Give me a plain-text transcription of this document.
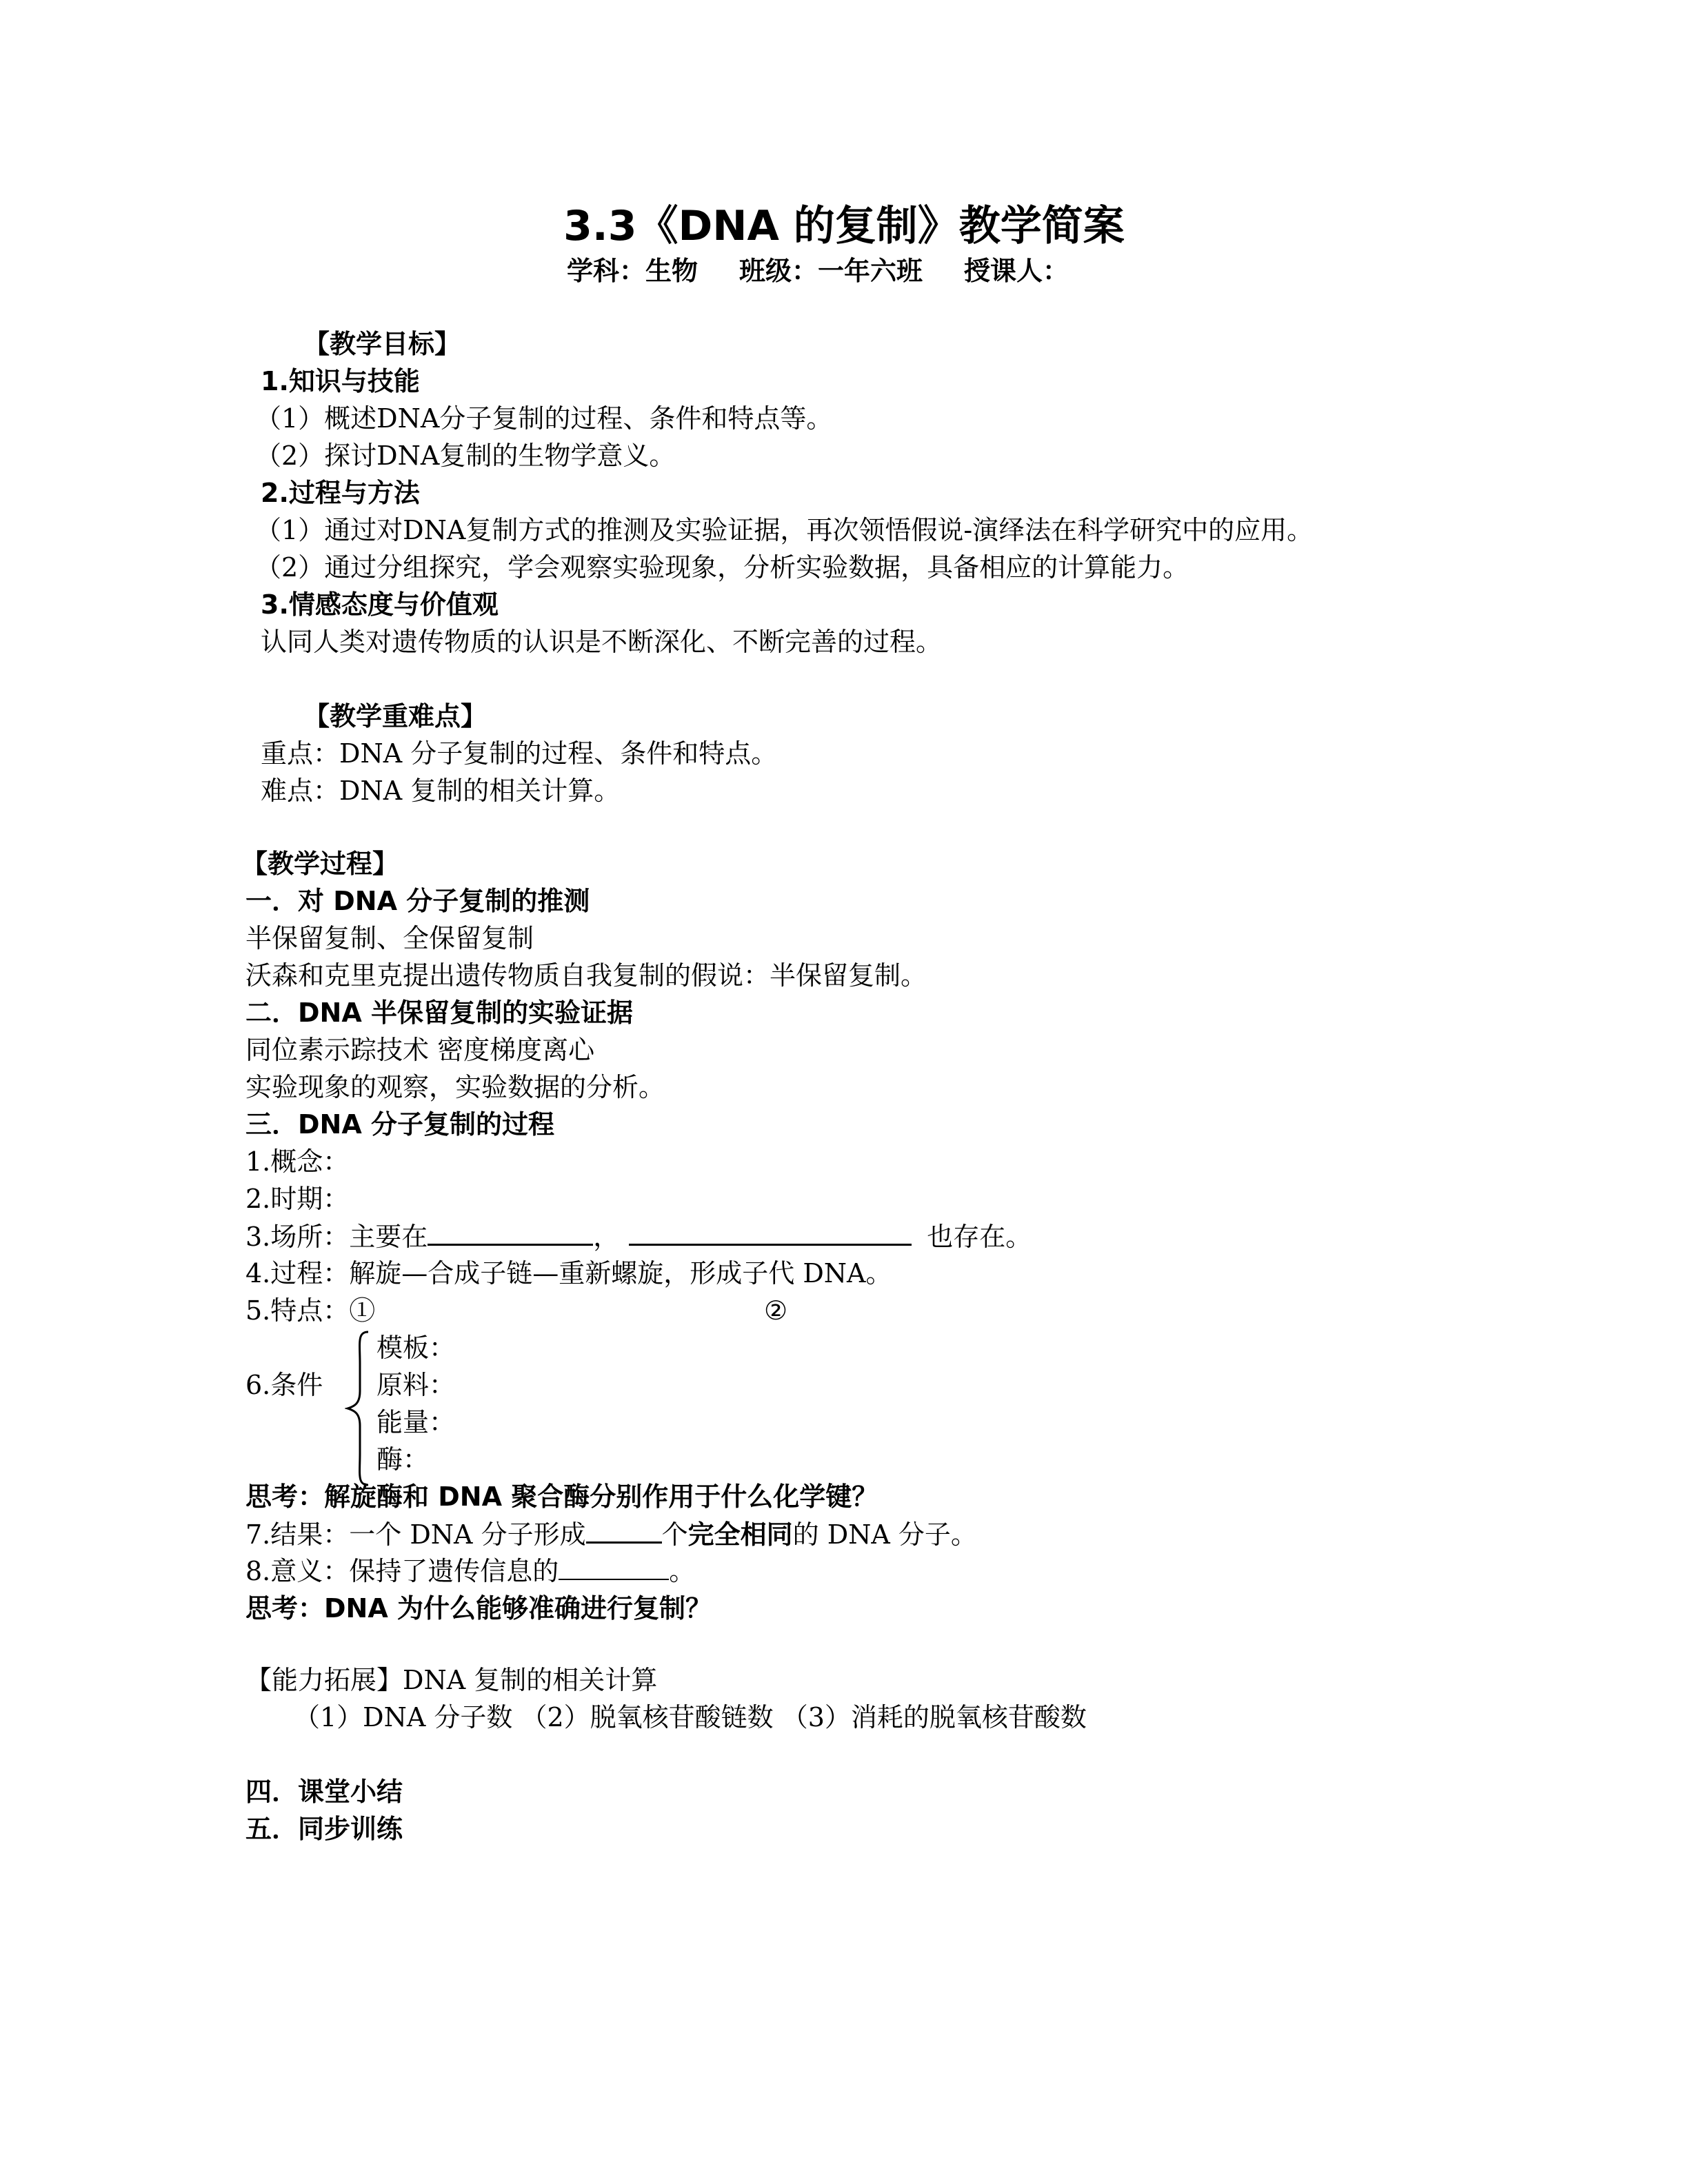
3.3《DNA 的复制》教学简案
学科：生物 班级：一年六班 授课人：
【教学目标】
1.知识与技能
（1）概述DNA分子复制的过程、条件和特点等。
（2）探讨DNA复制的生物学意义。
2.过程与方法
（1）通过对DNA复制方式的推测及实验证据，再次领悟假说-演绎法在科学研究中的应用。
（2）通过分组探究，学会观察实验现象，分析实验数据，具备相应的计算能力。
3.情感态度与价值观
认同人类对遗传物质的认识是不断深化、不断完善的过程。
【教学重难点】
重点：DNA 分子复制的过程、条件和特点。
难点：DNA 复制的相关计算。
【教学过程】
一．对 DNA 分子复制的推测
半保留复制、全保留复制
沃森和克里克提出遗传物质自我复制的假说：半保留复制。
二．DNA 半保留复制的实验证据
同位素示踪技术 密度梯度离心
实验现象的观察，实验数据的分析。
三．DNA 分子复制的过程
1.概念：
2.时期：
3.场所：主要在	，	也存在。
4.过程：解旋—合成子链—重新螺旋，形成子代 DNA。
5.特点：①	②
模板：
6.条件 原料：
能量：
酶：
思考：解旋酶和 DNA 聚合酶分别作用于什么化学键？
7.结果：一个 DNA 分子形成	个完全相同的 DNA 分子。
8.意义：保持了遗传信息的	。
思考：DNA 为什么能够准确进行复制？
【能力拓展】DNA 复制的相关计算
（1）DNA 分子数 （2）脱氧核苷酸链数 （3）消耗的脱氧核苷酸数
四．课堂小结
五．同步训练
